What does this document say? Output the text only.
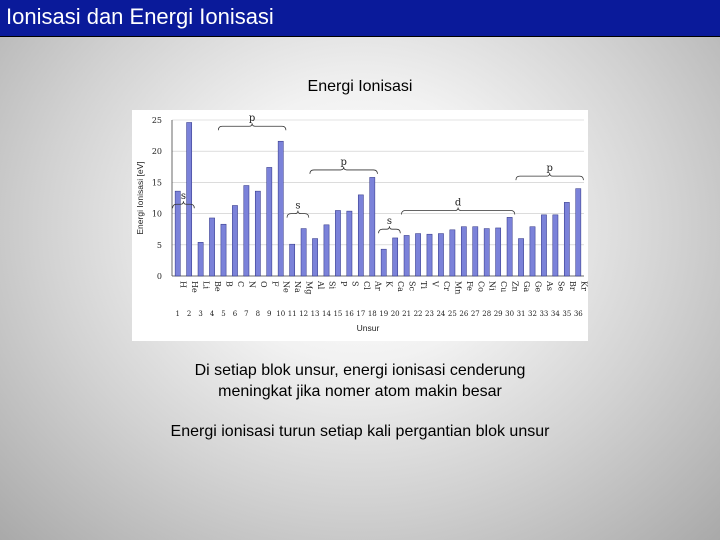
Ionisasi dan Energi Ionisasi
Energi Ionisasi
0
5
10
15
20
25
Energi Ionisasi [eV]
H He Li Be B C N O F Ne Na Mg Al Si P S Cl Ar K Ca Sc Ti V Cr Mn Fe Co Ni Cu Zn Ga Ge As Se Br Kr
1 2 3 4 5 6 7 8 9 10 11 12 13 14 15 16 17 18 19 20 21 22 23 24 25 26 27 28 29 30 31 32 33 34 35 36
Unsur
p
s
p
s
p
d
s
Di setiap blok unsur, energi ionisasi cenderung
meningkat jika nomer atom makin besar
Energi ionisasi turun setiap kali pergantian blok unsur
